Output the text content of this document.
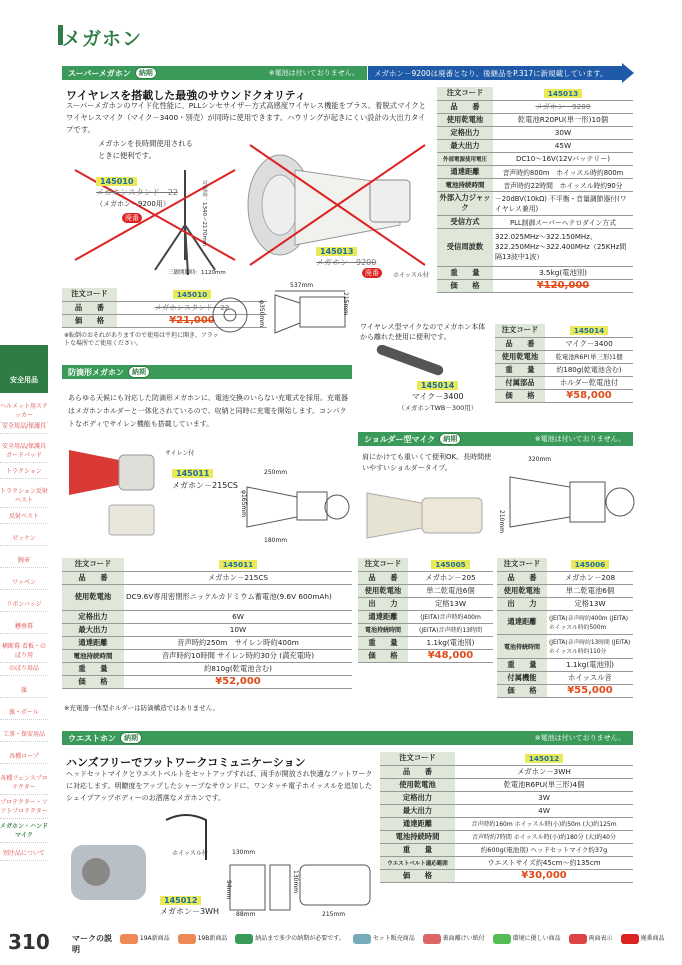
メガホン
スーパーメガホン	納期	※電池は付いておりません。	メガホン－9200は廃番となり、後継品をP.317に新規載しています。
ワイヤレスを搭載した最強のサウンドクオリティ
スーパーメガホンのワイド化性能に、PLLシンセサイザー方式高感度ワイヤレス機能をプラス。着脱式マイクとワイヤレスマイク（マイク－3400・別売）が同時に使用できます。ハウリングが起きにくい設計の大出力タイプです。
メガホンを長時間使用されるときに便利です。
145010
メガホンスタンド－22
（メガホン－9200用）
廃番	可変高：1340～2170mm
三脚開脚時：1120mm
145013
メガホン－9200
廃番	ホイッスル付
注文コード	145010
品　　番	メガホンスタンド－22
価　　格	¥21,000
※転倒のおそれがありますので使用は平坦に開き、フラットな場所でご使用ください。
537mm
φ350mm	215mm
注文コード	145013
品　　番	メガホン－9200
使用乾電池	乾電池R20PU(単一形)10個
定格出力	30W
最大出力	45W
外部電源使用電圧	DC10～16V(12Vバッテリー)
通達距離	音声時約800m　ホイッスル時約800m
電池持続時間	音声時約22時間　ホイッスル時約90分
外部入力ジャック	－20dBV(10kΩ) 不平衡・音量調節器付(ワイヤレス兼用)
受信方式	PLL制御スーパーヘテロダイン方式
受信周波数	322.025MHz～322.150MHz、322.250MHz～322.400MHz（25KHz間隔13波中1波）
重　　量	3.5kg(電池別)
価　　格	¥120,000
ワイヤレス型マイクなのでメガホン本体から離れた使用に便利です。
145014
マイク－3400
（メガホンTWB－300用）
注文コード	145014
品　　番	マイク－3400
使用乾電池	乾電池R6P(単三形)1個
重　　量	約180g(乾電池含む)
付属部品	ホルダー乾電池付
価　　格	¥58,000
防滴形メガホン	納期
あらゆる天候にも対応した防滴形メガホンに、電池交換のいらない充電式を採用。充電器はメガホンホルダーと一体化されているので、収納と同時に充電を開始します。コンパクトなボディでサイレン機能も搭載しています。
サイレン付
145011
メガホン－215CS
250mm
180mm
φ165mm
注文コード	145011
品　　番	メガホン－215CS
使用乾電池	DC9.6V専用密閉形ニッケルカドミウム蓄電池(9.6V 600mAh)
定格出力	6W
最大出力	10W
通達距離	音声時約250m　サイレン時約400m
電池持続時間	音声時約10時間 サイレン時約30分 (満充電時)
重　　量	約810g(乾電池含む)
価　　格	¥52,000
※充電器一体型ホルダーは防滴構造ではありません。
ショルダー型マイク	納期	※電池は付いておりません。
肩にかけても重いくて便利OK。長時間使いやすいショルダータイプ。
320mm
210mm
注文コード	145005
品　　番	メガホン－205
使用乾電池	単二乾電池6個
出　　力	定格13W
通達距離	(JEITA)音声時約400m
電池持続時間	(JEITA)音声時約13時間
重　　量	1.1kg(電池別)
価　　格	¥48,000
注文コード	145006
品　　番	メガホン－208
使用乾電池	単二乾電池6個
出　　力	定格13W
通達距離	(JEITA)音声時約400m (JEITA)ホイッスル時約500m
電池持続時間	(JEITA)音声時約13時間 (JEITA)ホイッスル時約110分
重　　量	1.1kg(電池別)
付属機能	ホイッスル音
価　　格	¥55,000
ウエストホン	納期	※電池は付いておりません。
ハンズフリーでフットワークコミュニケーション
ヘッドセットマイクとウエストベルトをセットアップすれば、両手が開放され快適なフットワークに対応します。明瞭度をアップしたシャープなサウンドに、ワンタッチ電子ホイッスルを追加したシェイプアップボディーのお洒落なメガホンです。
ホイッスル付
145012
メガホン－3WH
130mm
94mm
88mm
130mm
215mm
注文コード	145012
品　　番	メガホン－3WH
使用乾電池	乾電池R6PU(単三形)4個
定格出力	3W
最大出力	4W
通達距離	音声時約160m ホイッスル時(小)約50m (大)約125m
電池持続時間	音声時約7時間 ホイッスル時(小)約180分 (大)約40分
重　　量	約600g(電池別) ヘッドセットマイク約37g
ウエストベルト適応範囲	ウエストサイズ約45cm～約135cm
価　　格	¥30,000
安全用品
ヘルメット用ステッカー
安全用品/保護具
安全用品/保護具ガードパッド
トラクション
トラクション反射ベスト
反射ベスト
ゼッケン
腕章
ワッペン
リボンバッジ
懸垂幕
横断幕 看板・のぼり用
のぼり用品
旗
旗・ポール
工事・保安用品
各種ロープ
各種フェンスプロテクター
プロテクター・ソフトプロテクター
メガホン・ハンドマイク
別注品について
310	マークの説明
19A新商品	19B新商品	納品まで多少の納期が必要です。	セット販売商品	裏面離けい紙付	環境に優しい商品	両面表示	廃番商品
